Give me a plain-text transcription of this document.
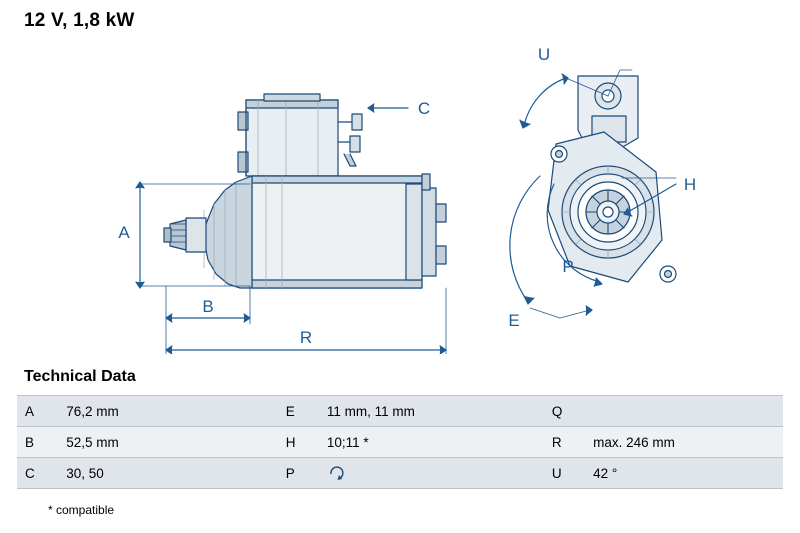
12 V, 1,8 kW
A
B
R
C
U
H
P
E
Technical Data
A	76,2 mm		E	11 mm, 11 mm		Q	
B	52,5 mm		H	10;11 *		R	max. 246 mm
C	30, 50		P			U	42 °
* compatible
